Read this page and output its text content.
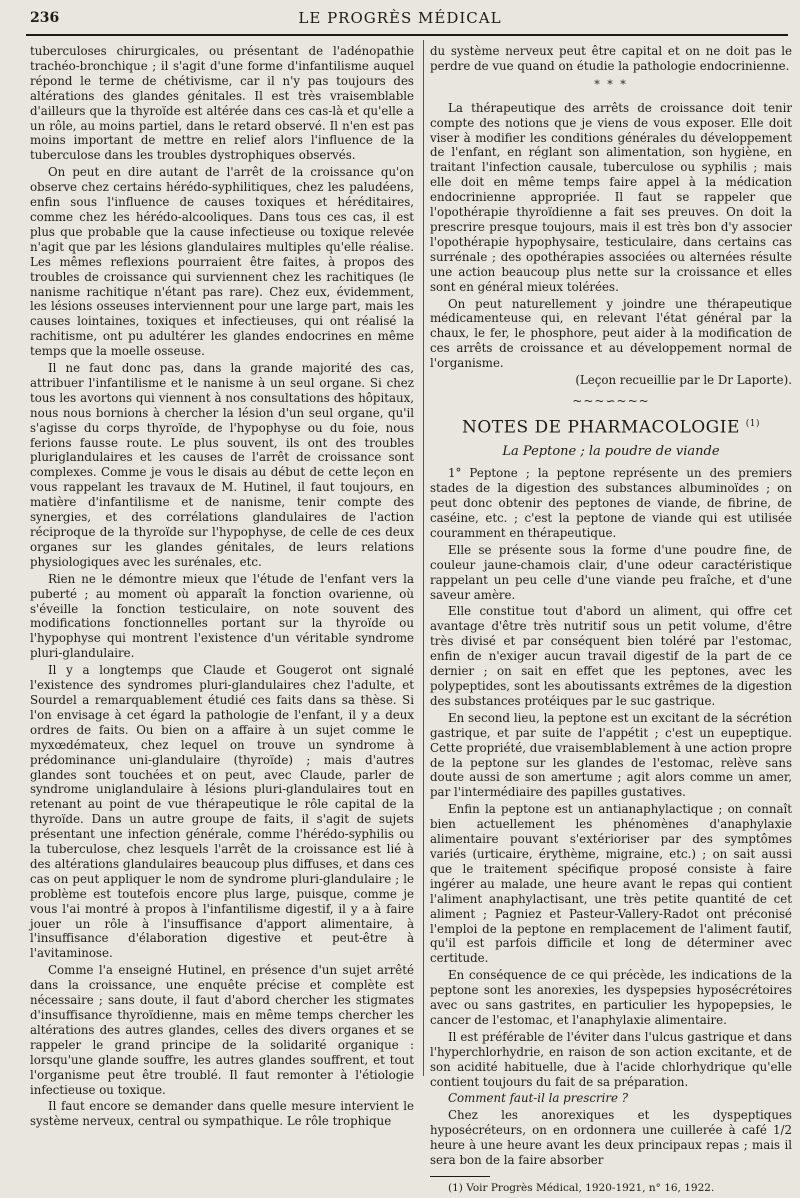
236	LE PROGRÈS MÉDICAL

tuberculoses chirurgicales, ou présentant de l'adénopathie trachéo-bronchique ; il s'agit d'une forme d'infantilisme auquel répond le terme de chétivisme, car il n'y pas toujours des altérations des glandes génitales. Il est très vraisemblable d'ailleurs que la thyroïde est altérée dans ces cas-là et qu'elle a un rôle, au moins partiel, dans le retard observé. Il n'en est pas moins important de mettre en relief alors l'influence de la tuberculose dans les troubles dystrophiques observés.

On peut en dire autant de l'arrêt de la croissance qu'on observe chez certains hérédo-syphilitiques, chez les paludéens, enfin sous l'influence de causes toxiques et héréditaires, comme chez les hérédo-alcooliques. Dans tous ces cas, il est plus que probable que la cause infectieuse ou toxique relevée n'agit que par les lésions glandulaires multiples qu'elle réalise. Les mêmes reflexions pourraient être faites, à propos des troubles de croissance qui surviennent chez les rachitiques (le nanisme rachitique n'étant pas rare). Chez eux, évidemment, les lésions osseuses interviennent pour une large part, mais les causes lointaines, toxiques et infectieuses, qui ont réalisé la rachitisme, ont pu adultérer les glandes endocrines en même temps que la moelle osseuse.

Il ne faut donc pas, dans la grande majorité des cas, attribuer l'infantilisme et le nanisme à un seul organe. Si chez tous les avortons qui viennent à nos consultations des hôpitaux, nous nous bornions à chercher la lésion d'un seul organe, qu'il s'agisse du corps thyroïde, de l'hypophyse ou du foie, nous ferions fausse route. Le plus souvent, ils ont des troubles pluriglandulaires et les causes de l'arrêt de croissance sont complexes. Comme je vous le disais au début de cette leçon en vous rappelant les travaux de M. Hutinel, il faut toujours, en matière d'infantilisme et de nanisme, tenir compte des synergies, et des corrélations glandulaires de l'action réciproque de la thyroïde sur l'hypophyse, de celle de ces deux organes sur les glandes génitales, de leurs relations physiologiques avec les surénales, etc.

Rien ne le démontre mieux que l'étude de l'enfant vers la puberté ; au moment où apparaît la fonction ovarienne, où s'éveille la fonction testiculaire, on note souvent des modifications fonctionnelles portant sur la thyroïde ou l'hypophyse qui montrent l'existence d'un véritable syndrome pluri-glandulaire.

Il y a longtemps que Claude et Gougerot ont signalé l'existence des syndromes pluri-glandulaires chez l'adulte, et Sourdel a remarquablement étudié ces faits dans sa thèse. Si l'on envisage à cet égard la pathologie de l'enfant, il y a deux ordres de faits. Ou bien on a affaire à un sujet comme le myxœdémateux, chez lequel on trouve un syndrome à prédominance uni-glandulaire (thyroïde) ; mais d'autres glandes sont touchées et on peut, avec Claude, parler de syndrome uniglandulaire à lésions pluri-glandulaires tout en retenant au point de vue thérapeutique le rôle capital de la thyroïde. Dans un autre groupe de faits, il s'agit de sujets présentant une infection générale, comme l'hérédo-syphilis ou la tuberculose, chez lesquels l'arrêt de la croissance est lié à des altérations glandulaires beaucoup plus diffuses, et dans ces cas on peut appliquer le nom de syndrome pluri-glandulaire ; le problème est toutefois encore plus large, puisque, comme je vous l'ai montré à propos à l'infantilisme digestif, il y a à faire jouer un rôle à l'insuffisance d'apport alimentaire, à l'insuffisance d'élaboration digestive et peut-être à l'avitaminose.

Comme l'a enseigné Hutinel, en présence d'un sujet arrêté dans la croissance, une enquête précise et complète est nécessaire ; sans doute, il faut d'abord chercher les stigmates d'insuffisance thyroïdienne, mais en même temps chercher les altérations des autres glandes, celles des divers organes et se rappeler le grand principe de la solidarité organique : lorsqu'une glande souffre, les autres glandes souffrent, et tout l'organisme peut être troublé. Il faut remonter à l'étiologie infectieuse ou toxique.

Il faut encore se demander dans quelle mesure intervient le système nerveux, central ou sympathique. Le rôle trophique

du système nerveux peut être capital et on ne doit pas le perdre de vue quand on étudie la pathologie endocrinienne.

* * *

La thérapeutique des arrêts de croissance doit tenir compte des notions que je viens de vous exposer. Elle doit viser à modifier les conditions générales du développement de l'enfant, en réglant son alimentation, son hygiène, en traitant l'infection causale, tuberculose ou syphilis ; mais elle doit en même temps faire appel à la médication endocrinienne appropriée. Il faut se rappeler que l'opothérapie thyroïdienne a fait ses preuves. On doit la prescrire presque toujours, mais il est très bon d'y associer l'opothérapie hypophysaire, testiculaire, dans certains cas surrénale ; des opothérapies associées ou alternées résulte une action beaucoup plus nette sur la croissance et elles sont en général mieux tolérées.

On peut naturellement y joindre une thérapeutique médicamenteuse qui, en relevant l'état général par la chaux, le fer, le phosphore, peut aider à la modification de ces arrêts de croissance et au développement normal de l'organisme.

(Leçon recueillie par le Dr Laporte).

~~~∽~~~
NOTES DE PHARMACOLOGIE $^{(1)}$
La Peptone ; la poudre de viande

1° Peptone ; la peptone représente un des premiers stades de la digestion des substances albuminoïdes ; on peut donc obtenir des peptones de viande, de fibrine, de caséine, etc. ; c'est la peptone de viande qui est utilisée couramment en thérapeutique.

Elle se présente sous la forme d'une poudre fine, de couleur jaune-chamois clair, d'une odeur caractéristique rappelant un peu celle d'une viande peu fraîche, et d'une saveur amère.

Elle constitue tout d'abord un aliment, qui offre cet avantage d'être très nutritif sous un petit volume, d'être très divisé et par conséquent bien toléré par l'estomac, enfin de n'exiger aucun travail digestif de la part de ce dernier ; on sait en effet que les peptones, avec les polypeptides, sont les aboutissants extrêmes de la digestion des substances protéiques par le suc gastrique.

En second lieu, la peptone est un excitant de la sécrétion gastrique, et par suite de l'appétit ; c'est un eupeptique. Cette propriété, due vraisemblablement à une action propre de la peptone sur les glandes de l'estomac, relève sans doute aussi de son amertume ; agit alors comme un amer, par l'intermédiaire des papilles gustatives.

Enfin la peptone est un antianaphylactique ; on connaît bien actuellement les phénomènes d'anaphylaxie alimentaire pouvant s'extérioriser par des symptômes variés (urticaire, érythème, migraine, etc.) ; on sait aussi que le traitement spécifique proposé consiste à faire ingérer au malade, une heure avant le repas qui contient l'aliment anaphylactisant, une très petite quantité de cet aliment ; Pagniez et Pasteur-Vallery-Radot ont préconisé l'emploi de la peptone en remplacement de l'aliment fautif, qu'il est parfois difficile et long de déterminer avec certitude.

En conséquence de ce qui précède, les indications de la peptone sont les anorexies, les dyspepsies hyposécrétoires avec ou sans gastrites, en particulier les hypopepsies, le cancer de l'estomac, et l'anaphylaxie alimentaire.

Il est préférable de l'éviter dans l'ulcus gastrique et dans l'hyperchlorhydrie, en raison de son action excitante, et de son acidité habituelle, due à l'acide chlorhydrique qu'elle contient toujours du fait de sa préparation.

Comment faut-il la prescrire ?

Chez les anorexiques et les dyspeptiques hyposécréteurs, on en ordonnera une cuillerée à café 1/2 heure à une heure avant les deux principaux repas ; mais il sera bon de la faire absorber

(1) Voir Progrès Médical, 1920-1921, n° 16, 1922.
